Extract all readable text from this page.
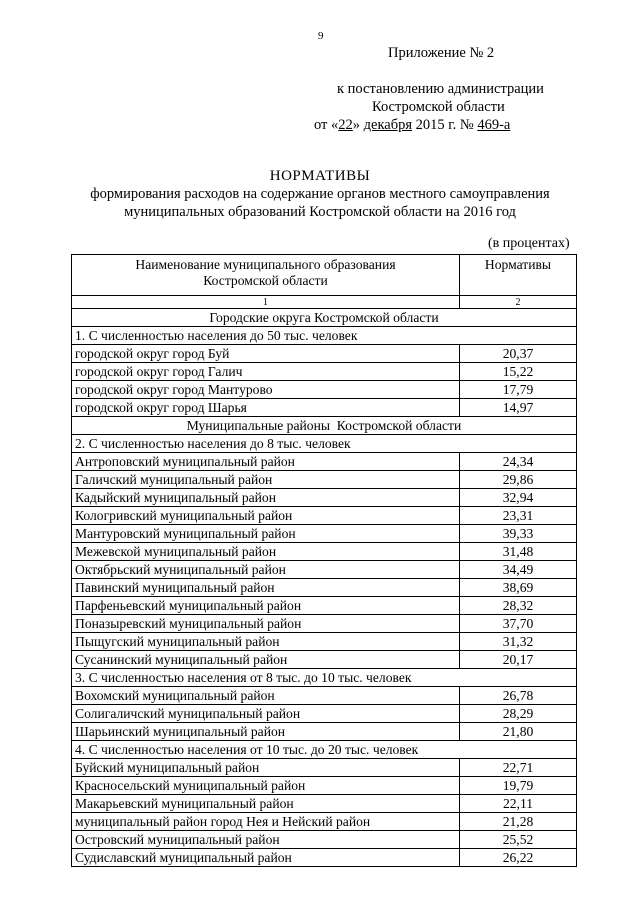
9
Приложение № 2
к постановлению администрации
Костромской области
от «22» декабря 2015 г. № 469-а
НОРМАТИВЫ
формирования расходов на содержание органов местного самоуправления
муниципальных образований Костромской области на 2016 год
(в процентах)
Наименование муниципального образования Костромской области	Нормативы
1	2
Городские округа Костромской области	
1. С численностью населения до 50 тыс. человек	
городской округ город Буй	20,37
городской округ город Галич	15,22
городской округ город Мантурово	17,79
городской округ город Шарья	14,97
Муниципальные районы  Костромской области	
2. С численностью населения до 8 тыс. человек	
Антроповский муниципальный район	24,34
Галичский муниципальный район	29,86
Кадыйский муниципальный район	32,94
Кологривский муниципальный район	23,31
Мантуровский муниципальный район	39,33
Межевской муниципальный район	31,48
Октябрьский муниципальный район	34,49
Павинский муниципальный район	38,69
Парфеньевский муниципальный район	28,32
Поназыревский муниципальный район	37,70
Пыщугский муниципальный район	31,32
Сусанинский муниципальный район	20,17
3. С численностью населения от 8 тыс. до 10 тыс. человек	
Вохомский муниципальный район	26,78
Солигаличский муниципальный район	28,29
Шарьинский муниципальный район	21,80
4. С численностью населения от 10 тыс. до 20 тыс. человек	
Буйский муниципальный район	22,71
Красносельский муниципальный район	19,79
Макарьевский муниципальный район	22,11
муниципальный район город Нея и Нейский район	21,28
Островский муниципальный район	25,52
Судиславский муниципальный район	26,22
